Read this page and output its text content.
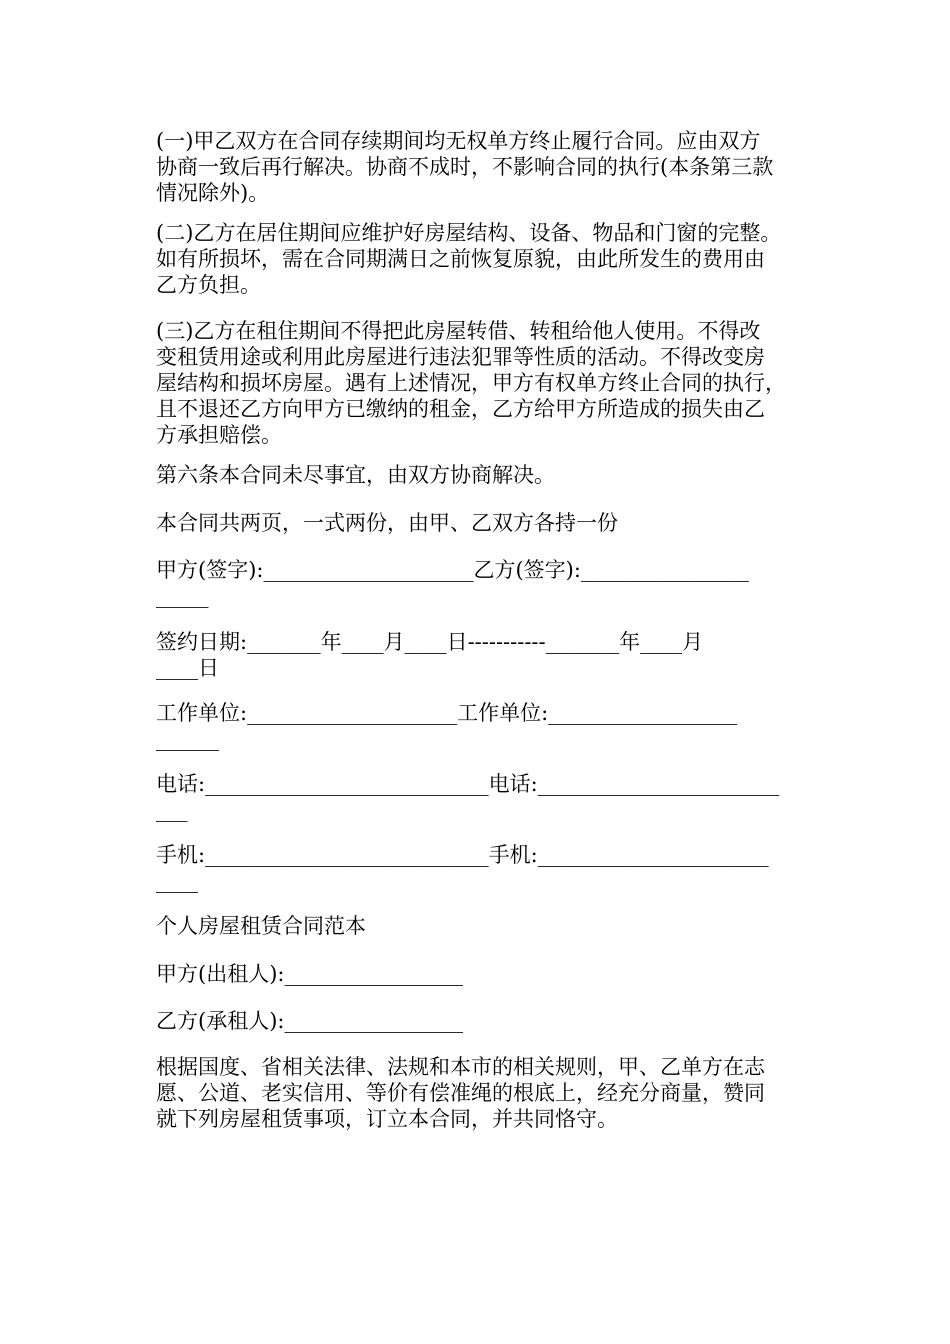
(一)甲乙双方在合同存续期间均无权单方终止履行合同。应由双方
协商一致后再行解决。协商不成时，不影响合同的执行(本条第三款
情况除外)。

(二)乙方在居住期间应维护好房屋结构、设备、物品和门窗的完整。
如有所损坏，需在合同期满日之前恢复原貌，由此所发生的费用由
乙方负担。

(三)乙方在租住期间不得把此房屋转借、转租给他人使用。不得改
变租赁用途或利用此房屋进行违法犯罪等性质的活动。不得改变房
屋结构和损坏房屋。遇有上述情况，甲方有权单方终止合同的执行，
且不退还乙方向甲方已缴纳的租金，乙方给甲方所造成的损失由乙
方承担赔偿。

第六条本合同未尽事宜，由双方协商解决。

本合同共两页，一式两份，由甲、乙双方各持一份

甲方(签字):____________________乙方(签字):________________
_____

签约日期:_______年____月____日-----------_______年____月
____日

工作单位:____________________工作单位:__________________
______

电话:___________________________电话:_______________________
___

手机:___________________________手机:______________________
____

个人房屋租赁合同范本

甲方(出租人):_________________

乙方(承租人):_________________

根据国度、省相关法律、法规和本市的相关规则，甲、乙单方在志
愿、公道、老实信用、等价有偿准绳的根底上，经充分商量，赞同
就下列房屋租赁事项，订立本合同，并共同恪守。
